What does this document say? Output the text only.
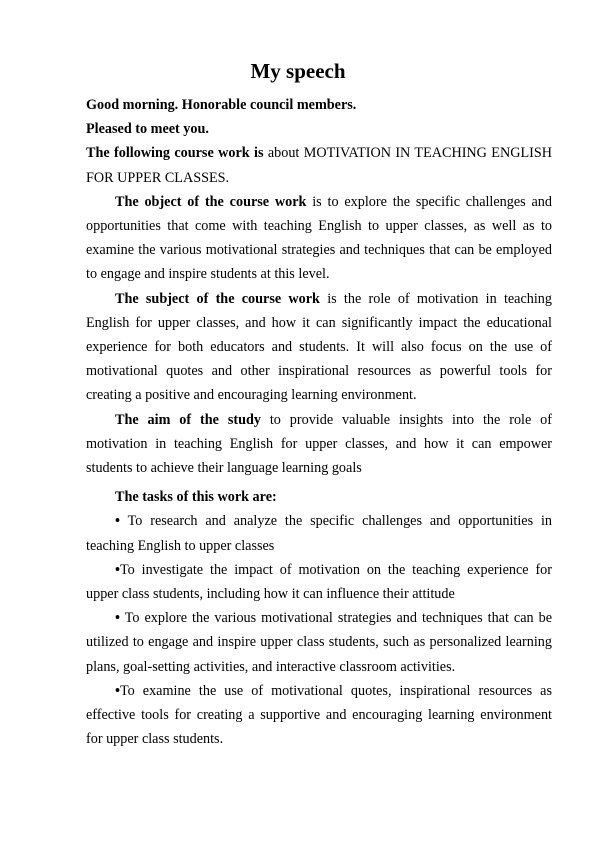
My speech

Good morning. Honorable council members.

Pleased to meet you.

The following course work is about MOTIVATION IN TEACHING ENGLISH FOR UPPER CLASSES.

The object of the course work is to explore the specific challenges and opportunities that come with teaching English to upper classes, as well as to examine the various motivational strategies and techniques that can be employed to engage and inspire students at this level.

The subject of the course work is the role of motivation in teaching English for upper classes, and how it can significantly impact the educational experience for both educators and students. It will also focus on the use of motivational quotes and other inspirational resources as powerful tools for creating a positive and encouraging learning environment.

The aim of the study to provide valuable insights into the role of motivation in teaching English for upper classes, and how it can empower students to achieve their language learning goals

The tasks of this work are:

• To research and analyze the specific challenges and opportunities in teaching English to upper classes

•To investigate the impact of motivation on the teaching experience for upper class students, including how it can influence their attitude

• To explore the various motivational strategies and techniques that can be utilized to engage and inspire upper class students, such as personalized learning plans, goal-setting activities, and interactive classroom activities.

•To examine the use of motivational quotes, inspirational resources as effective tools for creating a supportive and encouraging learning environment for upper class students.
